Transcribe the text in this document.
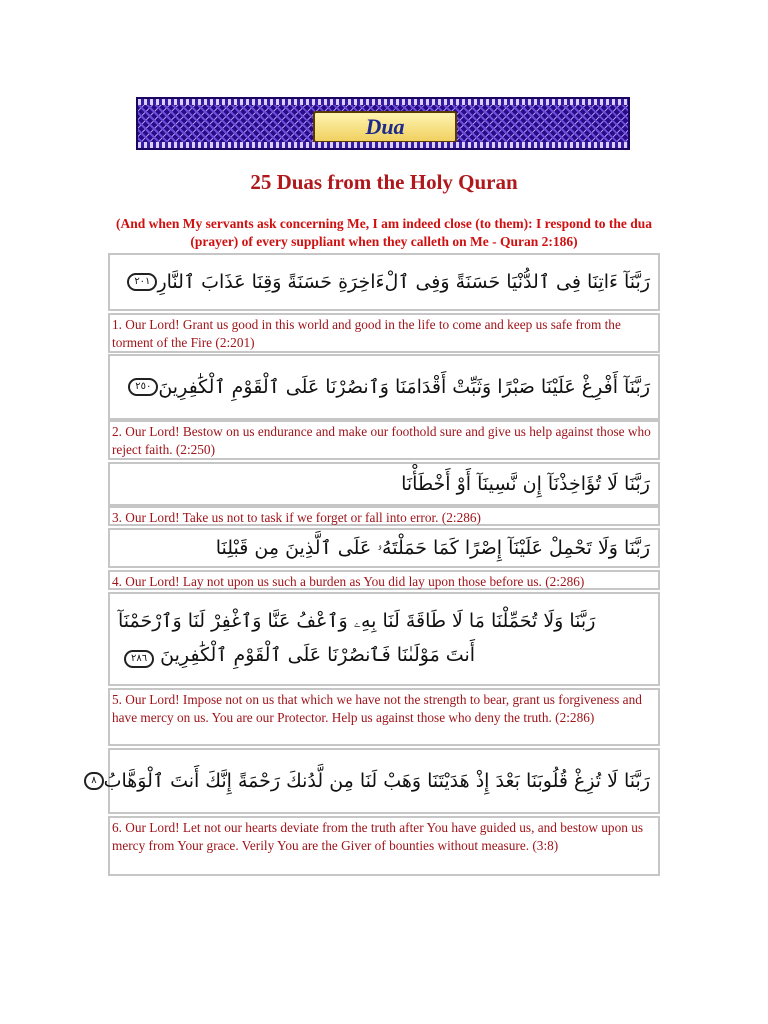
Dua
25 Duas from the Holy Quran
(And when My servants ask concerning Me, I am indeed close (to them): I respond to the dua (prayer) of every suppliant when they calleth on Me - Quran 2:186)
رَبَّنَآ ءَاتِنَا فِى ٱلدُّنْيَا حَسَنَةً وَفِى ٱلْءَاخِرَةِ حَسَنَةً وَقِنَا عَذَابَ ٱلنَّارِ
٢٠١
1. Our Lord! Grant us good in this world and good in the life to come and keep us safe from the torment of the Fire (2:201)
رَبَّنَآ أَفْرِغْ عَلَيْنَا صَبْرًا وَثَبِّتْ أَقْدَامَنَا وَٱنصُرْنَا عَلَى ٱلْقَوْمِ ٱلْكَٰفِرِينَ
٢٥٠
2. Our Lord! Bestow on us endurance and make our foothold sure and give us help against those who reject faith. (2:250)
رَبَّنَا لَا تُؤَاخِذْنَآ إِن نَّسِينَآ أَوْ أَخْطَأْنَا
3. Our Lord! Take us not to task if we forget or fall into error. (2:286)
رَبَّنَا وَلَا تَحْمِلْ عَلَيْنَآ إِصْرًا كَمَا حَمَلْتَهُۥ عَلَى ٱلَّذِينَ مِن قَبْلِنَا
4. Our Lord! Lay not upon us such a burden as You did lay upon those before us. (2:286)
رَبَّنَا وَلَا تُحَمِّلْنَا مَا لَا طَاقَةَ لَنَا بِهِۦ وَٱعْفُ عَنَّا وَٱغْفِرْ لَنَا وَٱرْحَمْنَآ
أَنتَ مَوْلَىٰنَا فَٱنصُرْنَا عَلَى ٱلْقَوْمِ ٱلْكَٰفِرِينَ ٢٨٦
5. Our Lord! Impose not on us that which we have not the strength to bear, grant us forgiveness and have mercy on us. You are our Protector. Help us against those who deny the truth. (2:286)
رَبَّنَا لَا تُزِغْ قُلُوبَنَا بَعْدَ إِذْ هَدَيْتَنَا وَهَبْ لَنَا مِن لَّدُنكَ رَحْمَةً إِنَّكَ أَنتَ ٱلْوَهَّابُ
٨
6. Our Lord! Let not our hearts deviate from the truth after You have guided us, and bestow upon us mercy from Your grace. Verily You are the Giver of bounties without measure. (3:8)
